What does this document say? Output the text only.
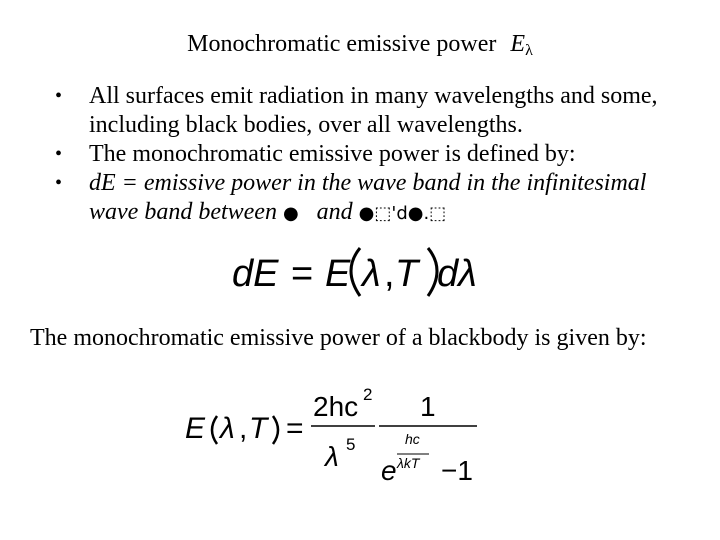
Monochromatic emissive power $E_\lambda$
• All surfaces emit radiation in many wavelengths and some, including black bodies, over all wavelengths.
• The monochromatic emissive power is defined by:
• dE = emissive power in the wave band in the infinitesimal wave band between ● and ●⬚'d●.⬚
dE = E λ , T dλ
The monochromatic emissive power of a blackbody is given by:
E λ , T =
2hc 2
λ 5
1
e
hc
λkT −1
